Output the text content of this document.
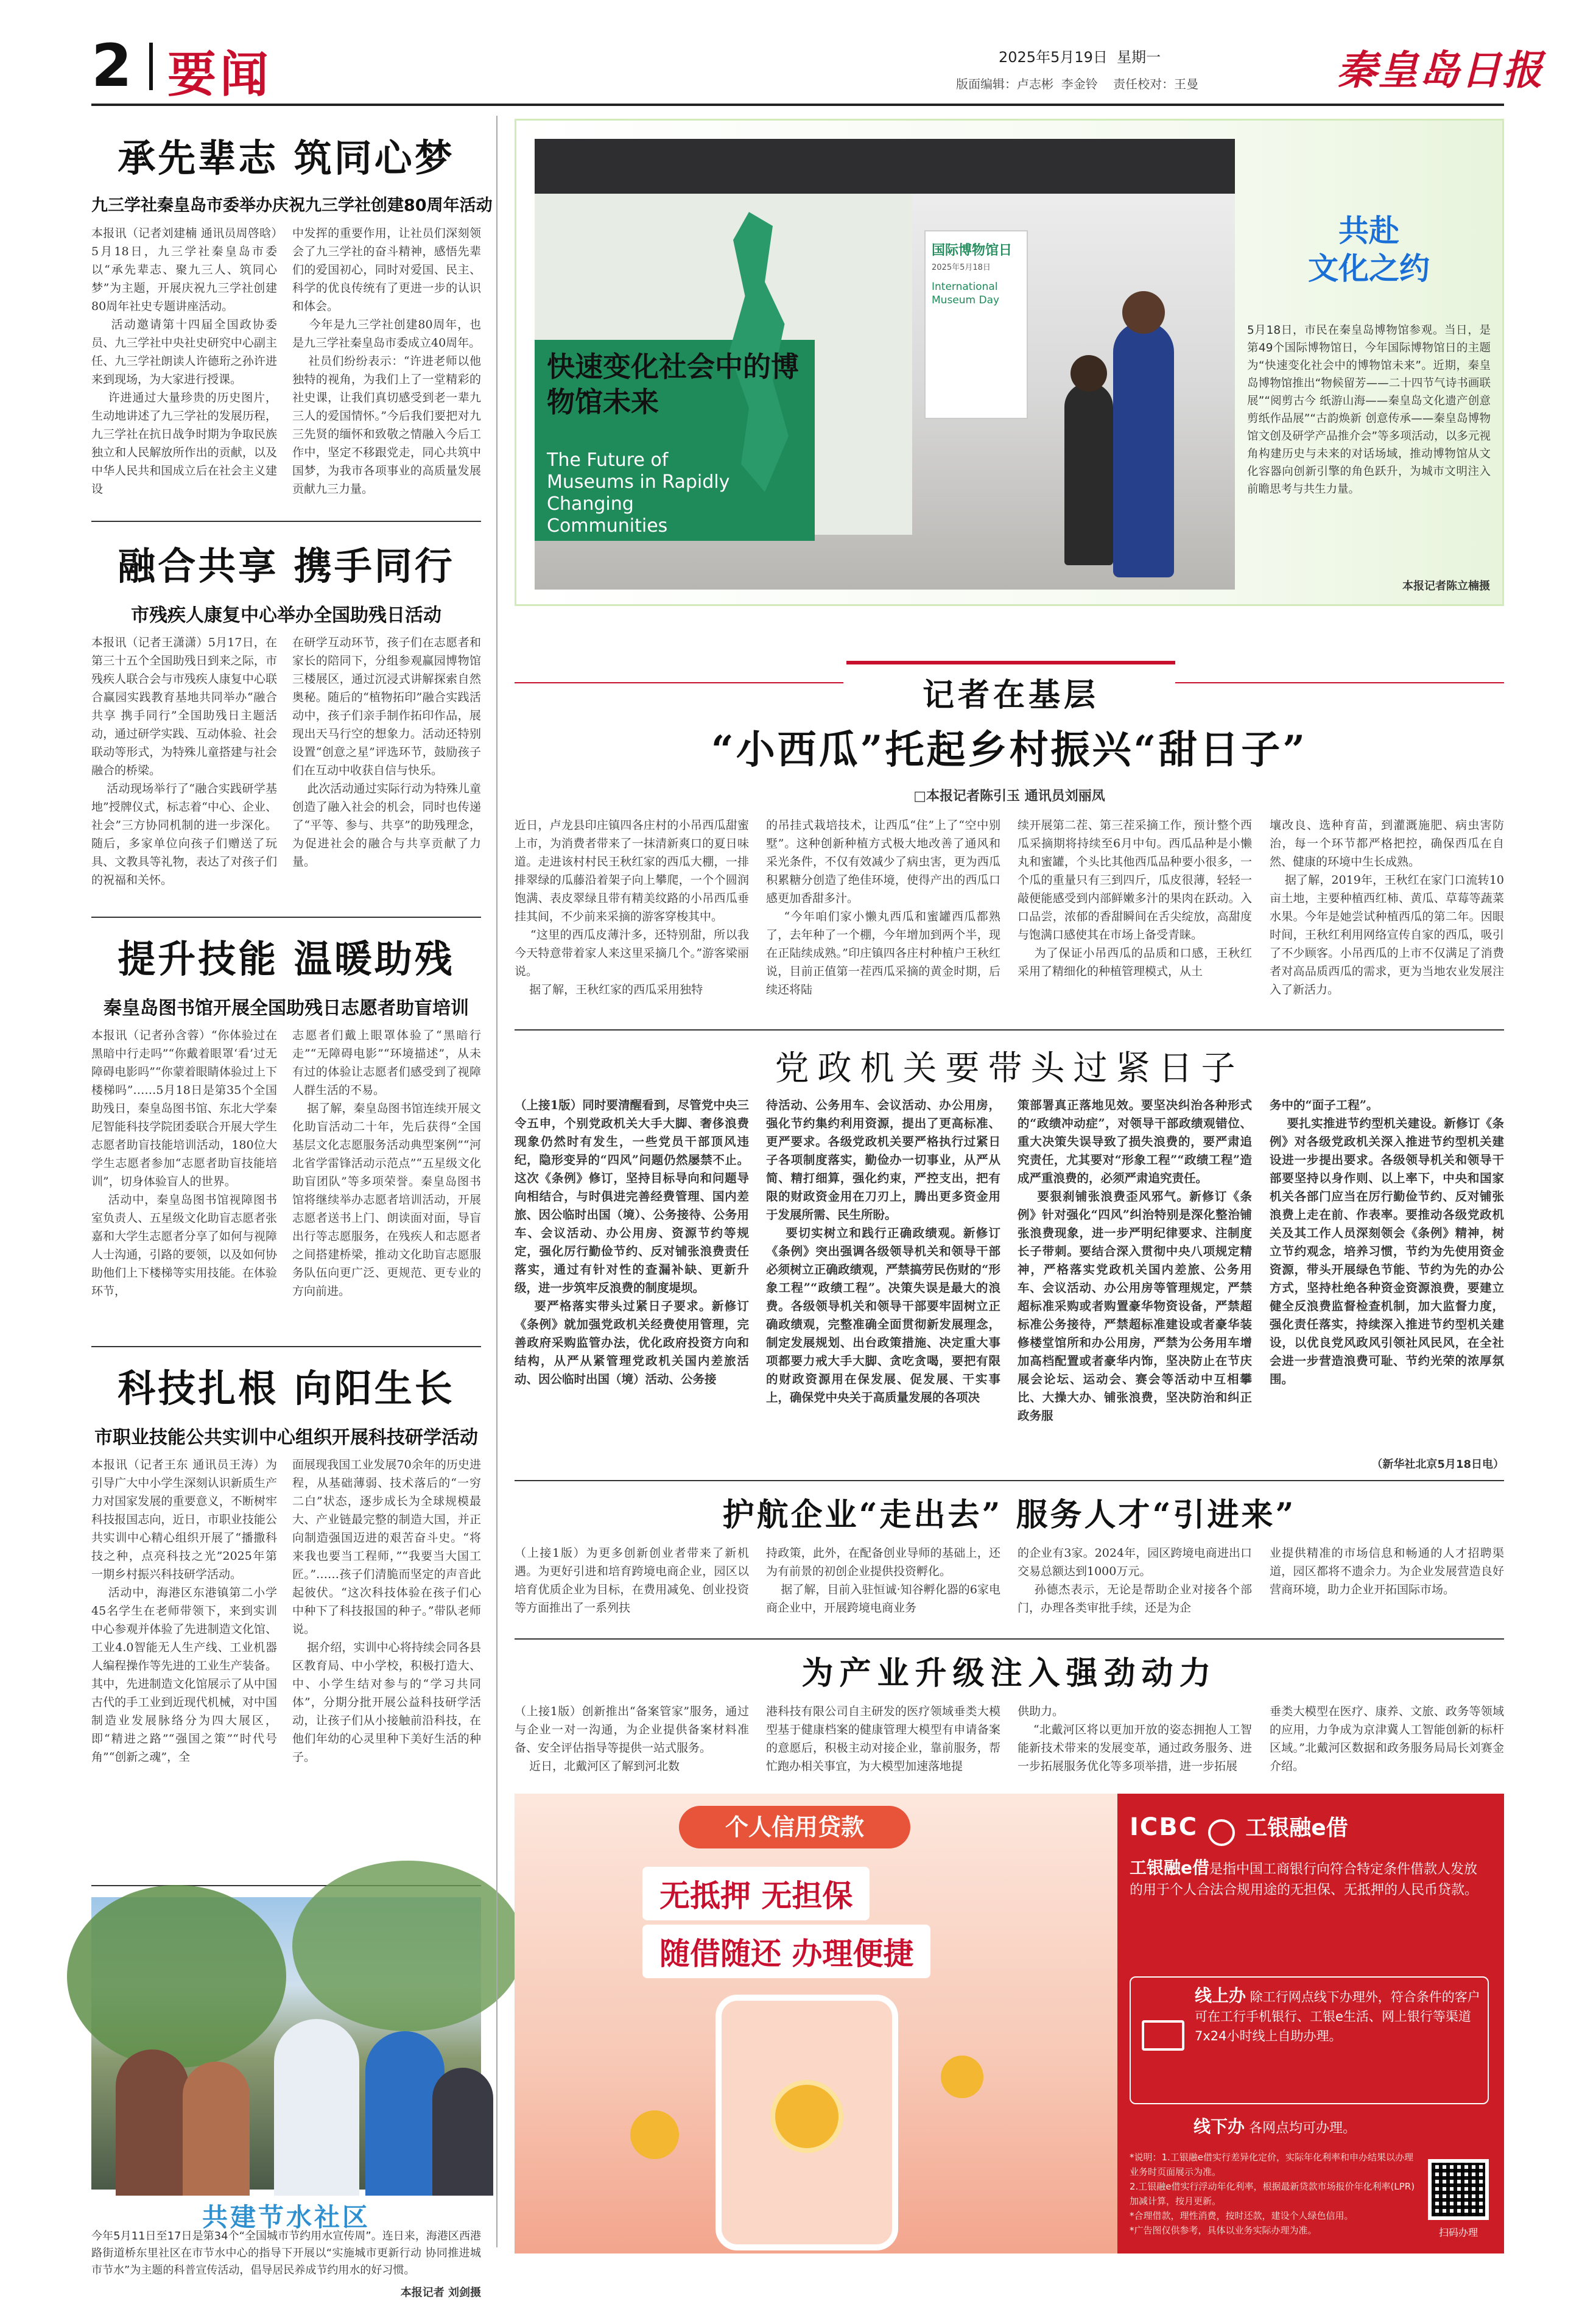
2 要闻	2025年5月19日 星期一
版面编辑：卢志彬  李金铃    责任校对：王曼	秦皇岛日报
承先辈志 筑同心梦
九三学社秦皇岛市委举办庆祝九三学社创建80周年活动
本报讯（记者刘建楠 通讯员周啓晗）5月18日，九三学社秦皇岛市委以“承先辈志、聚九三人、筑同心梦”为主题，开展庆祝九三学社创建80周年社史专题讲座活动。
活动邀请第十四届全国政协委员、九三学社中央社史研究中心副主任、九三学社朗读人许德珩之孙许进来到现场，为大家进行授课。
许进通过大量珍贵的历史图片，生动地讲述了九三学社的发展历程，九三学社在抗日战争时期为争取民族独立和人民解放所作出的贡献，以及中华人民共和国成立后在社会主义建设
中发挥的重要作用，让社员们深刻领会了九三学社的奋斗精神，感悟先辈们的爱国初心，同时对爱国、民主、科学的优良传统有了更进一步的认识和体会。
今年是九三学社创建80周年，也是九三学社秦皇岛市委成立40周年。
社员们纷纷表示：“许进老师以他独特的视角，为我们上了一堂精彩的社史课，让我们真切感受到老一辈九三人的爱国情怀。”今后我们要把对九三先贤的缅怀和致敬之情融入今后工作中，坚定不移跟党走，同心共筑中国梦，为我市各项事业的高质量发展贡献九三力量。
融合共享 携手同行
市残疾人康复中心举办全国助残日活动
本报讯（记者王潇潇）5月17日，在第三十五个全国助残日到来之际，市残疾人联合会与市残疾人康复中心联合赢园实践教育基地共同举办“融合共享 携手同行”全国助残日主题活动，通过研学实践、互动体验、社会联动等形式，为特殊儿童搭建与社会融合的桥梁。
活动现场举行了“融合实践研学基地”授牌仪式，标志着“中心、企业、社会”三方协同机制的进一步深化。随后，多家单位向孩子们赠送了玩具、文教具等礼物，表达了对孩子们的祝福和关怀。
在研学互动环节，孩子们在志愿者和家长的陪同下，分组参观赢园博物馆三楼展区，通过沉浸式讲解探索自然奥秘。随后的“植物拓印”融合实践活动中，孩子们亲手制作拓印作品，展现出天马行空的想象力。活动还特别设置“创意之星”评选环节，鼓励孩子们在互动中收获自信与快乐。
此次活动通过实际行动为特殊儿童创造了融入社会的机会，同时也传递了“平等、参与、共享”的助残理念，为促进社会的融合与共享贡献了力量。
提升技能 温暖助残
秦皇岛图书馆开展全国助残日志愿者助盲培训
本报讯（记者孙含蓉）“你体验过在黑暗中行走吗”“你戴着眼罩‘看’过无障碍电影吗”“你蒙着眼睛体验过上下楼梯吗”……5月18日是第35个全国助残日，秦皇岛图书馆、东北大学秦尼智能科技学院团委联合开展大学生志愿者助盲技能培训活动，180位大学生志愿者参加“志愿者助盲技能培训”，切身体验盲人的世界。
活动中，秦皇岛图书馆视障图书室负责人、五星级文化助盲志愿者张嘉和大学生志愿者分享了如何与视障人士沟通，引路的要领，以及如何协助他们上下楼梯等实用技能。在体验环节，
志愿者们戴上眼罩体验了“黑暗行走”“无障碍电影”“环境描述”，从未有过的体验让志愿者们感受到了视障人群生活的不易。
据了解，秦皇岛图书馆连续开展文化助盲活动二十年，先后获得“全国基层文化志愿服务活动典型案例”“河北省学雷锋活动示范点”“五星级文化助盲团队”等多项荣誉。秦皇岛图书馆将继续举办志愿者培训活动，开展志愿者送书上门、朗读面对面，导盲出行等志愿服务，在残疾人和志愿者之间搭建桥梁，推动文化助盲志愿服务队伍向更广泛、更规范、更专业的方向前进。
科技扎根 向阳生长
市职业技能公共实训中心组织开展科技研学活动
本报讯（记者王东 通讯员王涛）为引导广大中小学生深刻认识新质生产力对国家发展的重要意义，不断树牢科技报国志向，近日，市职业技能公共实训中心精心组织开展了“播撒科技之种，点亮科技之光”2025年第一期乡村振兴科技研学活动。
活动中，海港区东港镇第二小学45名学生在老师带领下，来到实训中心参观并体验了先进制造文化馆、工业4.0智能无人生产线、工业机器人编程操作等先进的工业生产装备。其中，先进制造文化馆展示了从中国古代的手工业到近现代机械，对中国制造业发展脉络分为四大展区，即“精进之路”“强国之策”“时代号角”“创新之魂”，全
面展现我国工业发展70余年的历史进程，从基础薄弱、技术落后的“一穷二白”状态，逐步成长为全球规模最大、产业链最完整的制造大国，并正向制造强国迈进的艰苦奋斗史。“将来我也要当工程师，”“我要当大国工匠。”……孩子们清脆而坚定的声音此起彼伏。“这次科技体验在孩子们心中种下了科技报国的种子。”带队老师说。
据介绍，实训中心将持续会同各县区教育局、中小学校，积极打造大、中、小学生结对参与的“学习共同体”，分期分批开展公益科技研学活动，让孩子们从小接触前沿科技，在他们年幼的心灵里种下美好生活的种子。
共建节水社区
今年5月11日至17日是第34个“全国城市节约用水宣传周”。连日来，海港区西港路街道桥东里社区在市节水中心的指导下开展以“实施城市更新行动 协同推进城市节水”为主题的科普宣传活动，倡导居民养成节约用水的好习惯。
本报记者 刘剑摄
快速变化社会中的博物馆未来
The Future of Museums in Rapidly Changing Communities
国际博物馆日
2025年5月18日
International Museum Day
共赴
文化之约
5月18日，市民在秦皇岛博物馆参观。当日，是第49个国际博物馆日，今年国际博物馆日的主题为“快速变化社会中的博物馆未来”。近期，秦皇岛博物馆推出“物候留芳——二十四节气诗书画联展”“阅剪古今 纸游山海——秦皇岛文化遗产创意剪纸作品展”“古韵焕新 创意传承——秦皇岛博物馆文创及研学产品推介会”等多项活动，以多元视角构建历史与未来的对话场域，推动博物馆从文化容器向创新引擎的角色跃升，为城市文明注入前瞻思考与共生力量。
本报记者陈立楠摄
记者在基层
“小西瓜”托起乡村振兴“甜日子”
□本报记者陈引玉 通讯员刘丽凤
近日，卢龙县印庄镇四各庄村的小吊西瓜甜蜜上市，为消费者带来了一抹清新爽口的夏日味道。走进该村村民王秋红家的西瓜大棚，一排排翠绿的瓜藤沿着架子向上攀爬，一个个圆润饱满、表皮翠绿且带有精美纹路的小吊西瓜垂挂其间，不少前来采摘的游客穿梭其中。
“这里的西瓜皮薄汁多，还特别甜，所以我今天特意带着家人来这里采摘几个。”游客梁丽说。
据了解，王秋红家的西瓜采用独特
的吊挂式栽培技术，让西瓜“住”上了“空中别墅”。这种创新种植方式极大地改善了通风和采光条件，不仅有效减少了病虫害，更为西瓜积累糖分创造了绝佳环境，使得产出的西瓜口感更加香甜多汁。
“今年咱们家小懒丸西瓜和蜜罐西瓜都熟了，去年种了一个棚，今年增加到两个半，现在正陆续成熟。”印庄镇四各庄村种植户王秋红说，目前正值第一茬西瓜采摘的黄金时期，后续还将陆
续开展第二茬、第三茬采摘工作，预计整个西瓜采摘期将持续至6月中旬。西瓜品种是小懒丸和蜜罐，个头比其他西瓜品种要小很多，一个瓜的重量只有三到四斤，瓜皮很薄，轻轻一敲便能感受到内部鲜嫩多汁的果肉在跃动。入口品尝，浓郁的香甜瞬间在舌尖绽放，高甜度与饱满口感使其在市场上备受青睐。
为了保证小吊西瓜的品质和口感，王秋红采用了精细化的种植管理模式，从土
壤改良、选种育苗，到灌溉施肥、病虫害防治，每一个环节都严格把控，确保西瓜在自然、健康的环境中生长成熟。
据了解，2019年，王秋红在家门口流转10亩土地，主要种植西红柿、黄瓜、草莓等蔬菜水果。今年是她尝试种植西瓜的第二年。因眼时间，王秋红利用网络宣传自家的西瓜，吸引了不少顾客。小吊西瓜的上市不仅满足了消费者对高品质西瓜的需求，更为当地农业发展注入了新活力。
党政机关要带头过紧日子
（上接1版）同时要清醒看到，尽管党中央三令五申，个别党政机关大手大脚、奢侈浪费现象仍然时有发生，一些党员干部顶风违纪，隐形变异的“四风”问题仍然屡禁不止。这次《条例》修订，坚持目标导向和问题导向相结合，与时俱进完善经费管理、国内差旅、因公临时出国（境）、公务接待、公务用车、会议活动、办公用房、资源节约等规定，强化厉行勤俭节约、反对铺张浪费责任落实，通过有针对性的查漏补缺、更新升级，进一步筑牢反浪费的制度堤坝。
要严格落实带头过紧日子要求。新修订《条例》就加强党政机关经费使用管理，完善政府采购监管办法，优化政府投资方向和结构，从严从紧管理党政机关国内差旅活动、因公临时出国（境）活动、公务接
待活动、公务用车、会议活动、办公用房，强化节约集约利用资源，提出了更高标准、更严要求。各级党政机关要严格执行过紧日子各项制度落实，勤俭办一切事业，从严从简、精打细算，强化约束，严控支出，把有限的财政资金用在刀刃上，腾出更多资金用于发展所需、民生所盼。
要切实树立和践行正确政绩观。新修订《条例》突出强调各级领导机关和领导干部必须树立正确政绩观，严禁搞劳民伤财的“形象工程”“政绩工程”。决策失误是最大的浪费。各级领导机关和领导干部要牢固树立正确政绩观，完整准确全面贯彻新发展理念，制定发展规划、出台政策措施、决定重大事项都要力戒大手大脚、贪吃贪喝，要把有限的财政资源用在保发展、促发展、干实事上，确保党中央关于高质量发展的各项决
策部署真正落地见效。要坚决纠治各种形式的“政绩冲动症”，对领导干部政绩观错位、重大决策失误导致了损失浪费的，要严肃追究责任，尤其要对“形象工程”“政绩工程”造成严重浪费的，必须严肃追究责任。
要狠刹铺张浪费歪风邪气。新修订《条例》针对强化“四风”纠治特别是深化整治铺张浪费现象，进一步严明纪律要求、注制度长子带刺。要结合深入贯彻中央八项规定精神，严格落实党政机关国内差旅、公务用车、会议活动、办公用房等管理规定，严禁超标准采购或者购置豪华物资设备，严禁超标准公务接待，严禁超标准建设或者豪华装修楼堂馆所和办公用房，严禁为公务用车增加高档配置或者豪华内饰，坚决防止在节庆展会论坛、运动会、赛会等活动中互相攀比、大操大办、铺张浪费，坚决防治和纠正政务服
务中的“面子工程”。
要扎实推进节约型机关建设。新修订《条例》对各级党政机关深入推进节约型机关建设进一步提出要求。各级领导机关和领导干部要坚持以身作则、以上率下，中央和国家机关各部门应当在厉行勤俭节约、反对铺张浪费上走在前、作表率。要推动各级党政机关及其工作人员深刻领会《条例》精神，树立节约观念，培养习惯，节约为先使用资金资源，带头开展绿色节能、节约为先的办公方式，坚持杜绝各种资金资源浪费，要建立健全反浪费监督检查机制，加大监督力度，强化责任落实，持续深入推进节约型机关建设，以优良党风政风引领社风民风，在全社会进一步营造浪费可耻、节约光荣的浓厚氛围。
（新华社北京5月18日电）
护航企业“走出去” 服务人才“引进来”
（上接1版）为更多创新创业者带来了新机遇。为更好引进和培育跨境电商企业，园区以培育优质企业为目标，在费用减免、创业投资等方面推出了一系列扶
持政策，此外，在配备创业导师的基础上，还为有前景的初创企业提供投资孵化。
据了解，目前入驻恒诚·知谷孵化器的6家电商企业中，开展跨境电商业务
的企业有3家。2024年，园区跨境电商进出口交易总额达到1000万元。
孙德杰表示，无论是帮助企业对接各个部门，办理各类审批手续，还是为企
业提供精准的市场信息和畅通的人才招聘渠道，园区都将不遗余力。为企业发展营造良好营商环境，助力企业开拓国际市场。
为产业升级注入强劲动力
（上接1版）创新推出“备案管家”服务，通过与企业一对一沟通，为企业提供备案材料准备、安全评估指导等提供一站式服务。
近日，北戴河区了解到河北数
港科技有限公司自主研发的医疗领域垂类大模型基于健康档案的健康管理大模型有申请备案的意愿后，积极主动对接企业，靠前服务，帮忙跑办相关事宜，为大模型加速落地提
供助力。
“北戴河区将以更加开放的姿态拥抱人工智能新技术带来的发展变革，通过政务服务、进一步拓展服务优化等多项举措，进一步拓展
垂类大模型在医疗、康养、文旅、政务等领域的应用，力争成为京津冀人工智能创新的标杆区域。”北戴河区数据和政务服务局局长刘赛金介绍。
个人信用贷款
无抵押 无担保
随借随还 办理便捷
ICBC 工银融e借
工银融e借是指中国工商银行向符合特定条件借款人发放的用于个人合法合规用途的无担保、无抵押的人民币贷款。
线上办 除工行网点线下办理外，符合条件的客户可在工行手机银行、工银e生活、网上银行等渠道7x24小时线上自助办理。
线下办 各网点均可办理。
*说明：1.工银融e借实行差异化定价，实际年化利率和申办结果以办理业务时页面展示为准。
2.工银融e借实行浮动年化利率，根据最新贷款市场报价年化利率(LPR)加减计算，按月更新。
*合理借款，理性消费，按时还款，建设个人绿色信用。
*广告图仅供参考，具体以业务实际办理为准。	扫码办理
